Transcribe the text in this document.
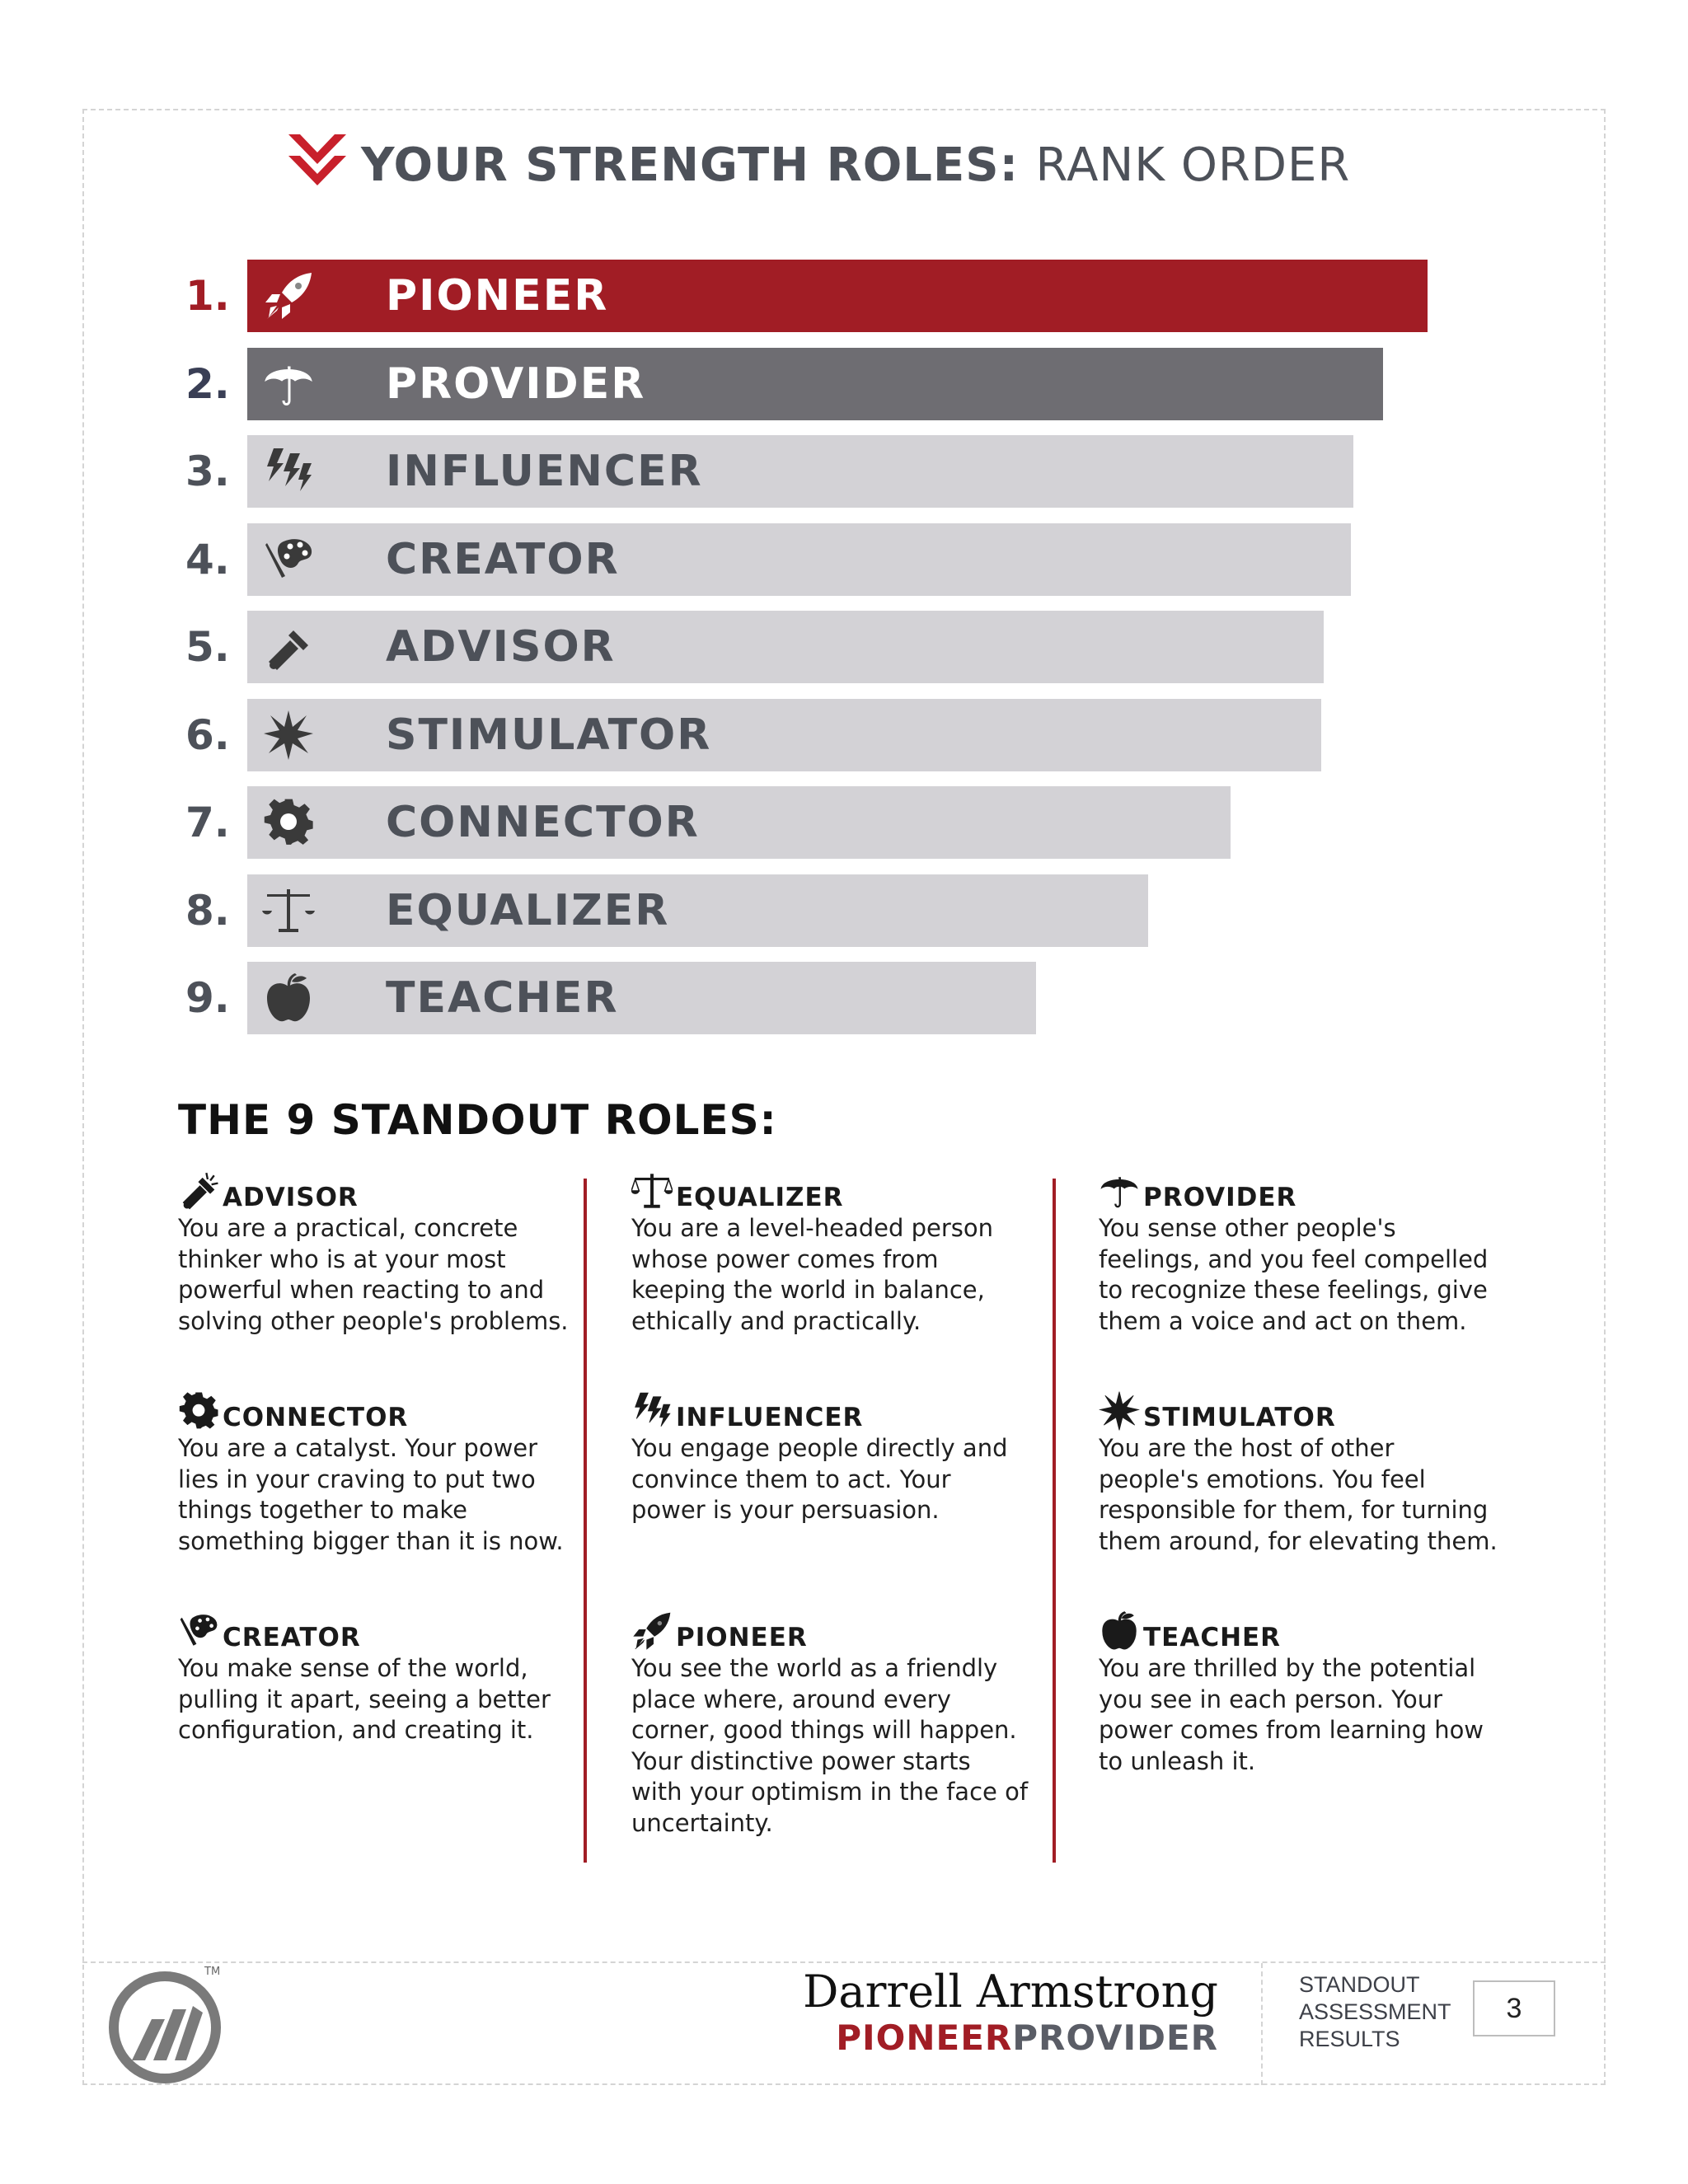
YOUR STRENGTH ROLES: RANK ORDER
1.	PIONEER
2.	PROVIDER
3.	INFLUENCER
4.	CREATOR
5.	ADVISOR
6.	STIMULATOR
7.	CONNECTOR
8.	EQUALIZER
9.	TEACHER
THE 9 STANDOUT ROLES:
ADVISOR
You are a practical, concrete
thinker who is at your most
powerful when reacting to and
solving other people's problems.
EQUALIZER
You are a level-headed person
whose power comes from
keeping the world in balance,
ethically and practically.
PROVIDER
You sense other people's
feelings, and you feel compelled
to recognize these feelings, give
them a voice and act on them.
CONNECTOR
You are a catalyst. Your power
lies in your craving to put two
things together to make
something bigger than it is now.
INFLUENCER
You engage people directly and
convince them to act. Your
power is your persuasion.
STIMULATOR
You are the host of other
people's emotions. You feel
responsible for them, for turning
them around, for elevating them.
CREATOR
You make sense of the world,
pulling it apart, seeing a better
configuration, and creating it.
PIONEER
You see the world as a friendly
place where, around every
corner, good things will happen.
Your distinctive power starts
with your optimism in the face of
uncertainty.
TEACHER
You are thrilled by the potential
you see in each person. Your
power comes from learning how
to unleash it.
TM	Darrell Armstrong
PIONEERPROVIDER
STANDOUT
ASSESSMENT
RESULTS
3
